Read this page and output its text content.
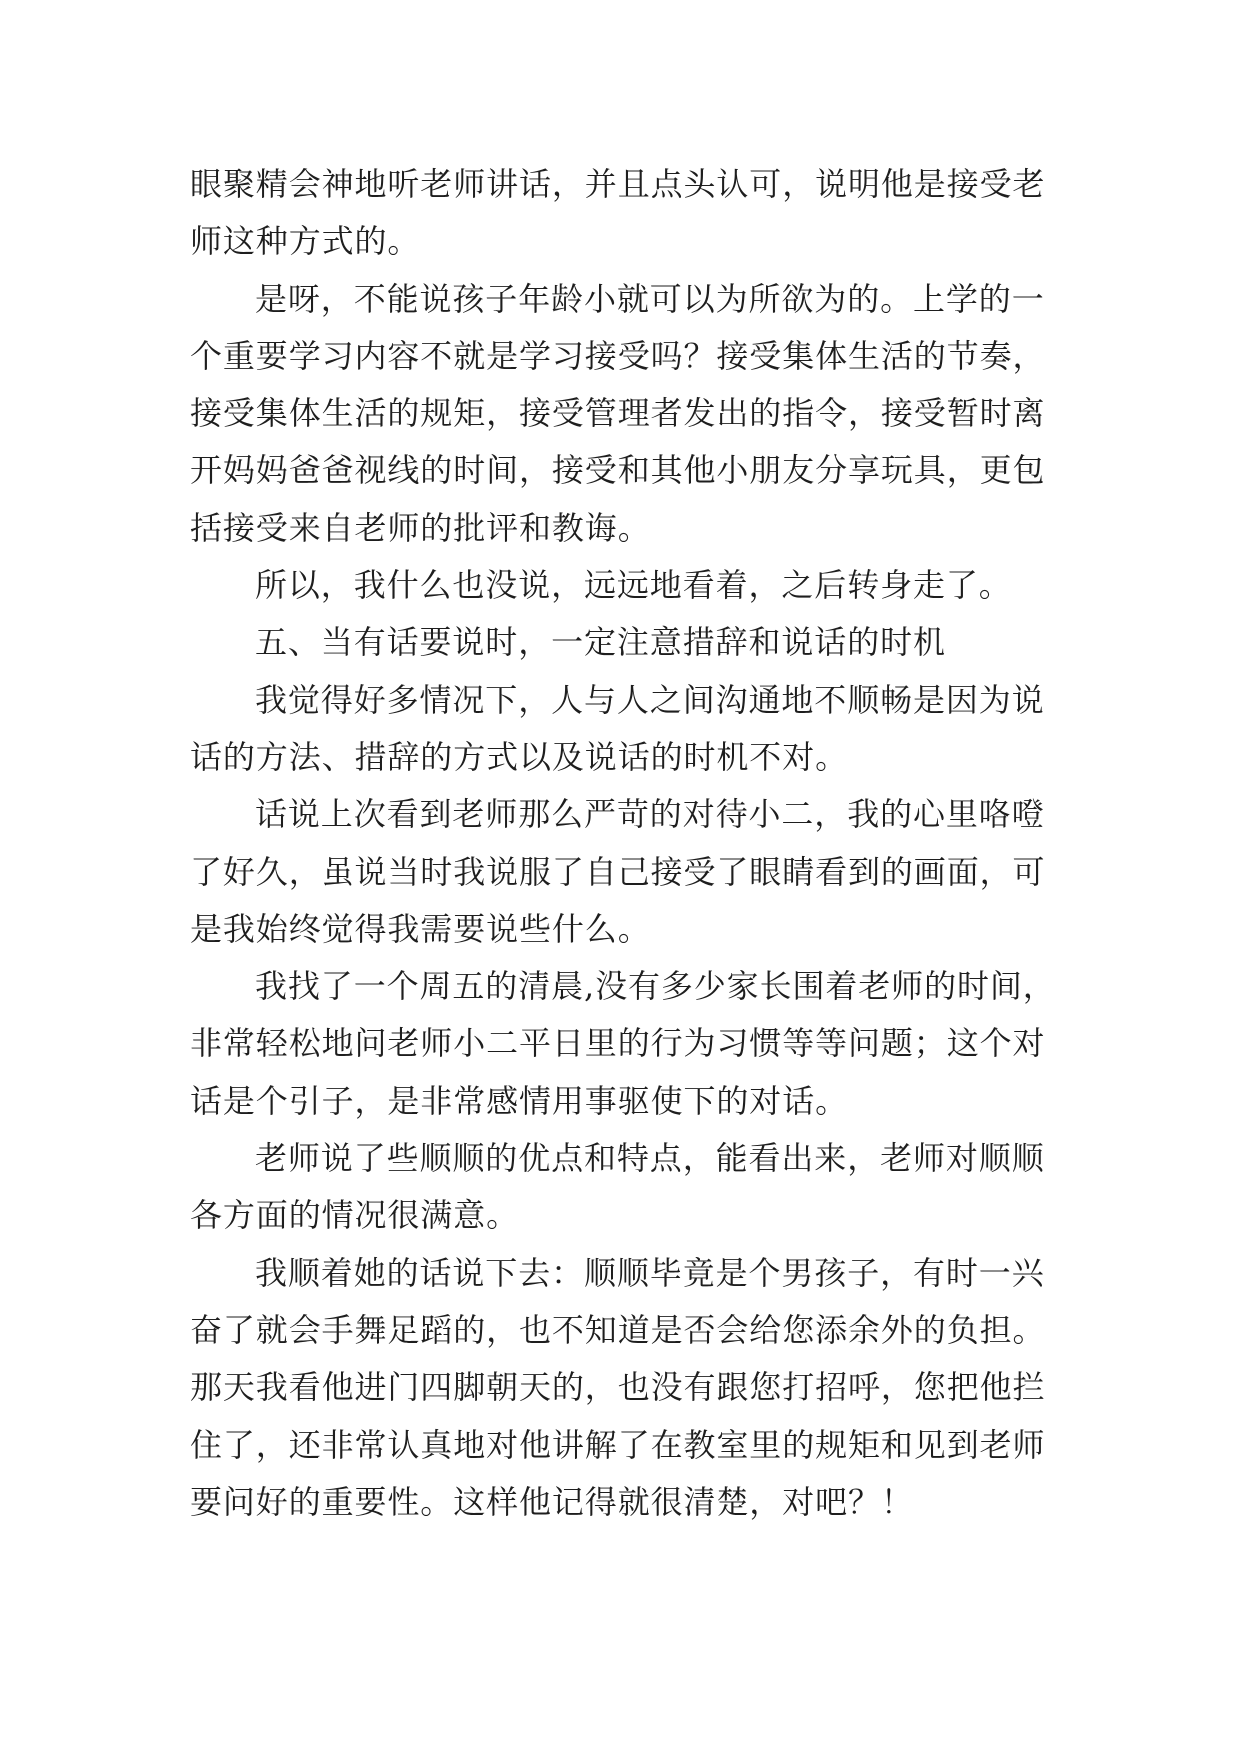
眼聚精会神地听老师讲话，并且点头认可，说明他是接受老
师这种方式的。
是呀，不能说孩子年龄小就可以为所欲为的。上学的一
个重要学习内容不就是学习接受吗？接受集体生活的节奏，
接受集体生活的规矩，接受管理者发出的指令，接受暂时离
开妈妈爸爸视线的时间，接受和其他小朋友分享玩具，更包
括接受来自老师的批评和教诲。
所以，我什么也没说，远远地看着，之后转身走了。
五、当有话要说时，一定注意措辞和说话的时机
我觉得好多情况下，人与人之间沟通地不顺畅是因为说
话的方法、措辞的方式以及说话的时机不对。
话说上次看到老师那么严苛的对待小二，我的心里咯噔
了好久，虽说当时我说服了自己接受了眼睛看到的画面，可
是我始终觉得我需要说些什么。
我找了一个周五的清晨,没有多少家长围着老师的时间，
非常轻松地问老师小二平日里的行为习惯等等问题；这个对
话是个引子，是非常感情用事驱使下的对话。
老师说了些顺顺的优点和特点，能看出来，老师对顺顺
各方面的情况很满意。
我顺着她的话说下去：顺顺毕竟是个男孩子，有时一兴
奋了就会手舞足蹈的，也不知道是否会给您添余外的负担。
那天我看他进门四脚朝天的，也没有跟您打招呼，您把他拦
住了，还非常认真地对他讲解了在教室里的规矩和见到老师
要问好的重要性。这样他记得就很清楚，对吧？！
